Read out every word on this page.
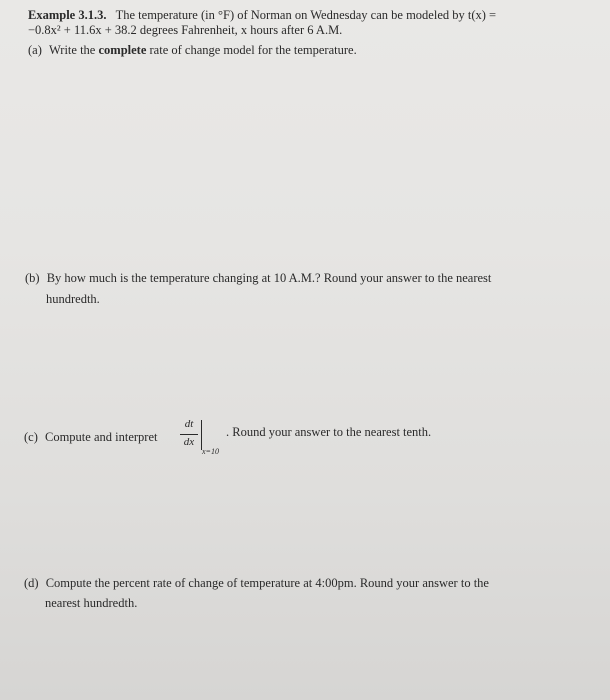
Example 3.1.3. The temperature (in °F) of Norman on Wednesday can be modeled by t(x) =
−0.8x² + 11.6x + 38.2 degrees Fahrenheit, x hours after 6 A.M.
(a) Write the complete rate of change model for the temperature.
(b) By how much is the temperature changing at 10 A.M.? Round your answer to the nearest
hundredth.
(c) Compute and interpret
dt
dx
x=10
. Round your answer to the nearest tenth.
(d) Compute the percent rate of change of temperature at 4:00pm. Round your answer to the
nearest hundredth.
